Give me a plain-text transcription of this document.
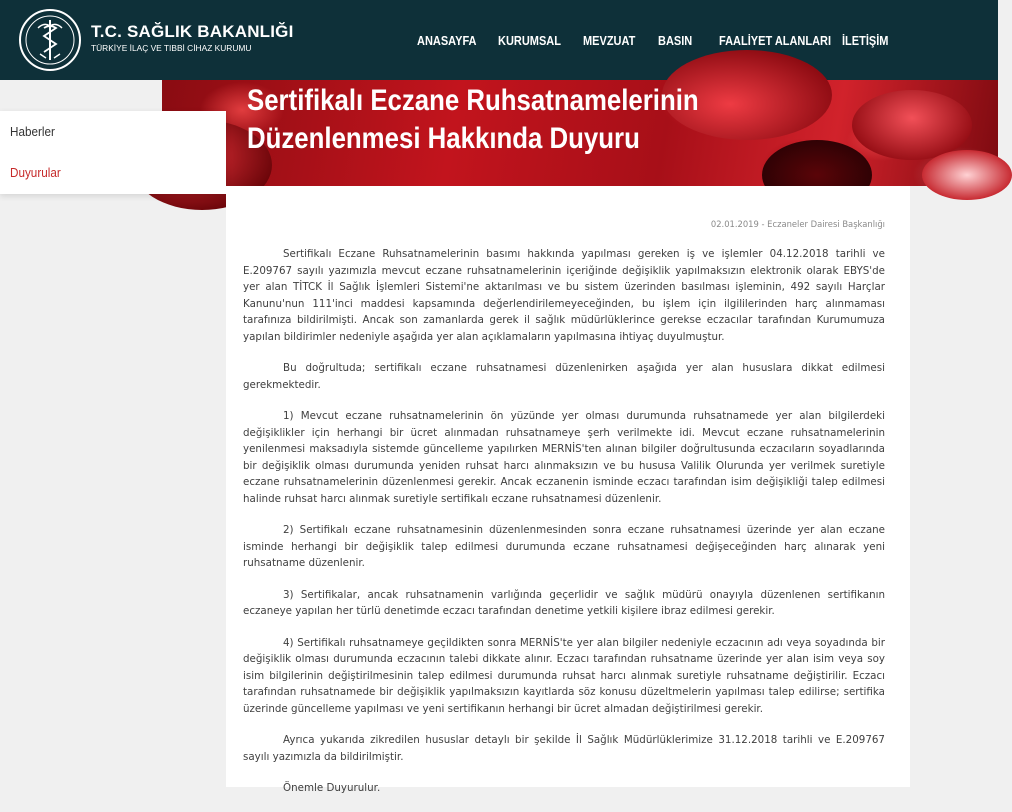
T.C. SAĞLIK BAKANLIĞI
TÜRKİYE İLAÇ VE TIBBİ CİHAZ KURUMU	ANASAYFA KURUMSAL MEVZUAT BASIN FAALİYET ALANLARI İLETİŞİM
Sertifikalı Eczane Ruhsatnamelerinin Düzenlenmesi Hakkında Duyuru
Haberler
Duyurular
02.01.2019 - Eczaneler Dairesi Başkanlığı

Sertifikalı Eczane Ruhsatnamelerinin basımı hakkında yapılması gereken iş ve işlemler 04.12.2018 tarihli ve E.209767 sayılı yazımızla mevcut eczane ruhsatnamelerinin içeriğinde değişiklik yapılmaksızın elektronik olarak EBYS'de yer alan TİTCK İl Sağlık İşlemleri Sistemi'ne aktarılması ve bu sistem üzerinden basılması işleminin, 492 sayılı Harçlar Kanunu'nun 111'inci maddesi kapsamında değerlendirilemeyeceğinden, bu işlem için ilgililerinden harç alınmaması tarafınıza bildirilmişti. Ancak son zamanlarda gerek il sağlık müdürlüklerince gerekse eczacılar tarafından Kurumumuza yapılan bildirimler nedeniyle aşağıda yer alan açıklamaların yapılmasına ihtiyaç duyulmuştur.

Bu doğrultuda; sertifikalı eczane ruhsatnamesi düzenlenirken aşağıda yer alan hususlara dikkat edilmesi gerekmektedir.

1) Mevcut eczane ruhsatnamelerinin ön yüzünde yer olması durumunda ruhsatnamede yer alan bilgilerdeki değişiklikler için herhangi bir ücret alınmadan ruhsatnameye şerh verilmekte idi. Mevcut eczane ruhsatnamelerinin yenilenmesi maksadıyla sistemde güncelleme yapılırken MERNİS'ten alınan bilgiler doğrultusunda eczacıların soyadlarında bir değişiklik olması durumunda yeniden ruhsat harcı alınmaksızın ve bu hususa Valilik Olurunda yer verilmek suretiyle eczane ruhsatnamelerinin düzenlenmesi gerekir. Ancak eczanenin isminde eczacı tarafından isim değişikliği talep edilmesi halinde ruhsat harcı alınmak suretiyle sertifikalı eczane ruhsatnamesi düzenlenir.

2) Sertifikalı eczane ruhsatnamesinin düzenlenmesinden sonra eczane ruhsatnamesi üzerinde yer alan eczane isminde herhangi bir değişiklik talep edilmesi durumunda eczane ruhsatnamesi değişeceğinden harç alınarak yeni ruhsatname düzenlenir.

3) Sertifikalar, ancak ruhsatnamenin varlığında geçerlidir ve sağlık müdürü onayıyla düzenlenen sertifikanın eczaneye yapılan her türlü denetimde eczacı tarafından denetime yetkili kişilere ibraz edilmesi gerekir.

4) Sertifikalı ruhsatnameye geçildikten sonra MERNİS'te yer alan bilgiler nedeniyle eczacının adı veya soyadında bir değişiklik olması durumunda eczacının talebi dikkate alınır. Eczacı tarafından ruhsatname üzerinde yer alan isim veya soy isim bilgilerinin değiştirilmesinin talep edilmesi durumunda ruhsat harcı alınmak suretiyle ruhsatname değiştirilir. Eczacı tarafından ruhsatnamede bir değişiklik yapılmaksızın kayıtlarda söz konusu düzeltmelerin yapılması talep edilirse; sertifika üzerinde güncelleme yapılması ve yeni sertifikanın herhangi bir ücret almadan değiştirilmesi gerekir.

Ayrıca yukarıda zikredilen hususlar detaylı bir şekilde İl Sağlık Müdürlüklerimize 31.12.2018 tarihli ve E.209767 sayılı yazımızla da bildirilmiştir.

Önemle Duyurulur.
